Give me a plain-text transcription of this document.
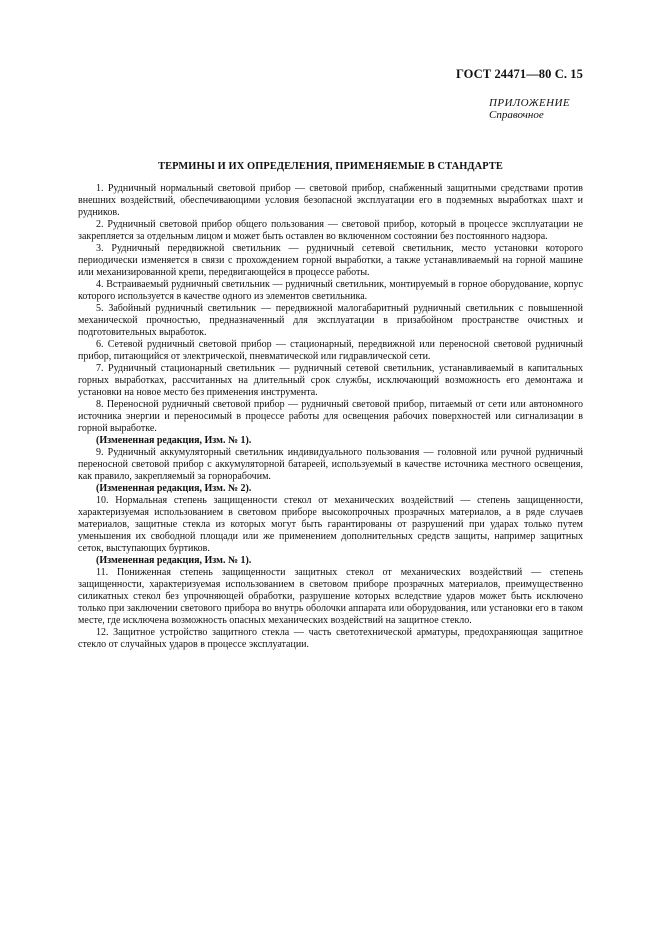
ГОСТ 24471—80 С. 15
ПРИЛОЖЕНИЕ
Справочное
ТЕРМИНЫ И ИХ ОПРЕДЕЛЕНИЯ, ПРИМЕНЯЕМЫЕ В СТАНДАРТЕ

1. Рудничный нормальный световой прибор — световой прибор, снабженный защитными средствами против внешних воздействий, обеспечивающими условия безопасной эксплуатации его в подземных выработках шахт и рудников.

2. Рудничный световой прибор общего пользования — световой прибор, который в процессе эксплуатации не закрепляется за отдельным лицом и может быть оставлен во включенном состоянии без постоянного надзора.

3. Рудничный передвижной светильник — рудничный сетевой светильник, место установки которого периодически изменяется в связи с прохождением горной выработки, а также устанавливаемый на горной машине или механизированной крепи, передвигающейся в процессе работы.

4. Встраиваемый рудничный светильник — рудничный светильник, монтируемый в горное оборудование, корпус которого используется в качестве одного из элементов светильника.

5. Забойный рудничный светильник — передвижной малогабаритный рудничный светильник с повышенной механической прочностью, предназначенный для эксплуатации в призабойном пространстве очистных и подготовительных выработок.

6. Сетевой рудничный световой прибор — стационарный, передвижной или переносной световой рудничный прибор, питающийся от электрической, пневматической или гидравлической сети.

7. Рудничный стационарный светильник — рудничный сетевой светильник, устанавливаемый в капитальных горных выработках, рассчитанных на длительный срок службы, исключающий возможность его демонтажа и установки на новое место без применения инструмента.

8. Переносной рудничный световой прибор — рудничный световой прибор, питаемый от сети или автономного источника энергии и переносимый в процессе работы для освещения рабочих поверхностей или сигнализации в горной выработке.

(Измененная редакция, Изм. № 1).

9. Рудничный аккумуляторный светильник индивидуального пользования — головной или ручной рудничный переносной световой прибор с аккумуляторной батареей, используемый в качестве источника местного освещения, как правило, закрепляемый за горнорабочим.

(Измененная редакция, Изм. № 2).

10. Нормальная степень защищенности стекол от механических воздействий — степень защищенности, характеризуемая использованием в световом приборе высокопрочных прозрачных материалов, а в ряде случаев материалов, защитные стекла из которых могут быть гарантированы от разрушений при ударах только путем уменьшения их свободной площади или же применением дополнительных средств защиты, например защитных сеток, выступающих буртиков.

(Измененная редакция, Изм. № 1).

11. Пониженная степень защищенности защитных стекол от механических воздействий — степень защищенности, характеризуемая использованием в световом приборе прозрачных материалов, преимущественно силикатных стекол без упрочняющей обработки, разрушение которых вследствие ударов может быть исключено только при заключении светового прибора во внутрь оболочки аппарата или оборудования, или установки его в таком месте, где исключена возможность опасных механических воздействий на защитное стекло.

12. Защитное устройство защитного стекла — часть светотехнической арматуры, предохраняющая защитное стекло от случайных ударов в процессе эксплуатации.
